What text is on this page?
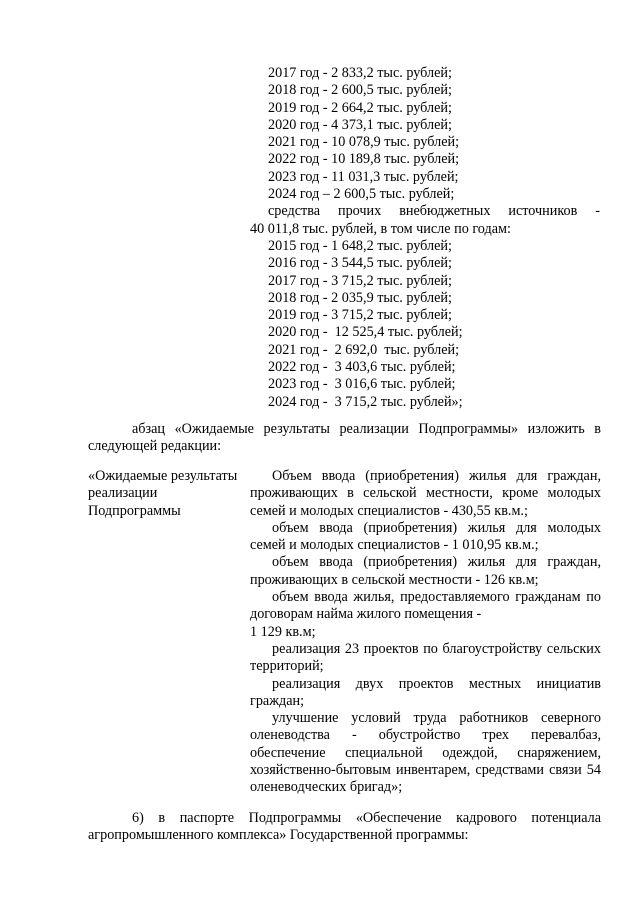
2017 год - 2 833,2 тыс. рублей;
2018 год - 2 600,5 тыс. рублей;
2019 год - 2 664,2 тыс. рублей;
2020 год - 4 373,1 тыс. рублей;
2021 год - 10 078,9 тыс. рублей;
2022 год - 10 189,8 тыс. рублей;
2023 год - 11 031,3 тыс. рублей;
2024 год – 2 600,5 тыс. рублей;
средства прочих внебюджетных источников -
40 011,8 тыс. рублей, в том числе по годам:
2015 год - 1 648,2 тыс. рублей;
2016 год - 3 544,5 тыс. рублей;
2017 год - 3 715,2 тыс. рублей;
2018 год - 2 035,9 тыс. рублей;
2019 год - 3 715,2 тыс. рублей;
2020 год -  12 525,4 тыс. рублей;
2021 год -  2 692,0  тыс. рублей;
2022 год -  3 403,6 тыс. рублей;
2023 год -  3 016,6 тыс. рублей;
2024 год -  3 715,2 тыс. рублей»;
абзац «Ожидаемые результаты реализации Подпрограммы» изложить в следующей редакции:
«Ожидаемые результаты реализации Подпрограммы
Объем ввода (приобретения) жилья для граждан, проживающих в сельской местности, кроме молодых семей и молодых специалистов - 430,55 кв.м.;
объем ввода (приобретения) жилья для молодых семей и молодых специалистов - 1 010,95 кв.м.;
объем ввода (приобретения) жилья для граждан, проживающих в сельской местности - 126 кв.м;
объем ввода жилья, предоставляемого гражданам по договорам найма жилого помещения -
1 129 кв.м;
реализация 23 проектов по благоустройству сельских территорий;
реализация двух проектов местных инициатив граждан;
улучшение условий труда работников северного оленеводства - обустройство трех перевалбаз, обеспечение специальной одеждой, снаряжением, хозяйственно-бытовым инвентарем, средствами связи 54 оленеводческих бригад»;
6) в паспорте Подпрограммы «Обеспечение кадрового потенциала агропромышленного комплекса» Государственной программы:
